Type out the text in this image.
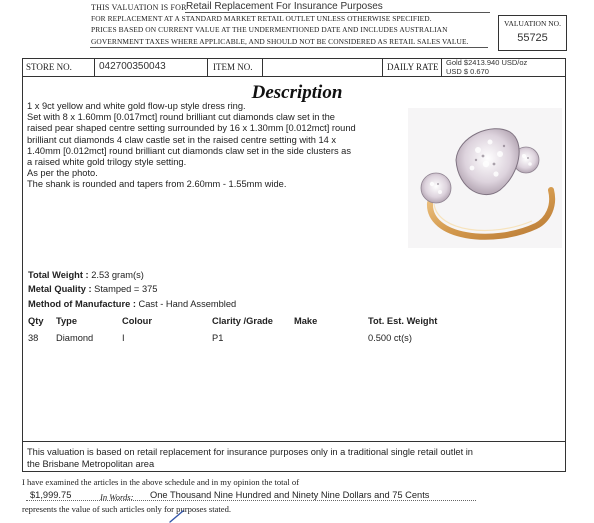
THIS VALUATION IS FOR Retail Replacement For Insurance Purposes
FOR REPLACEMENT AT A STANDARD MARKET RETAIL OUTLET UNLESS OTHERWISE SPECIFIED.
PRICES BASED ON CURRENT VALUE AT THE UNDERMENTIONED DATE AND INCLUDES AUSTRALIAN
GOVERNMENT TAXES WHERE APPLICABLE, AND SHOULD NOT BE CONSIDERED AS RETAIL SALES VALUE.
VALUATION NO.
55725
STORE NO.	042700350043	ITEM NO.	DAILY RATE Gold $2413.940 USD/oz
USD $ 0.670
Description
1 x 9ct yellow and white gold flow-up style dress ring.
Set with 8 x 1.60mm [0.017mct] round brilliant cut diamonds claw set in the
raised pear shaped centre setting surrounded by 16 x 1.30mm [0.012mct] round
brilliant cut diamonds 4 claw castle set in the raised centre setting with 14 x
1.40mm [0.012mct] round brilliant cut diamonds claw set in the side clusters as
a raised white gold trilogy style setting.
As per the photo.
The shank is rounded and tapers from 2.60mm - 1.55mm wide.
Total Weight : 2.53 gram(s)
Metal Quality : Stamped = 375
Method of Manufacture : Cast - Hand Assembled
Qty Type	Colour	Clarity /Grade Make	Tot. Est. Weight
38 Diamond	I	P1	0.500 ct(s)
This valuation is based on retail replacement for insurance purposes only in a traditional single retail outlet in
the Brisbane Metropolitan area
I have examined the articles in the above schedule and in my opinion the total of
$1,999.75	In Words: One Thousand Nine Hundred and Ninety Nine Dollars and 75 Cents
represents the value of such articles only for purposes stated.
